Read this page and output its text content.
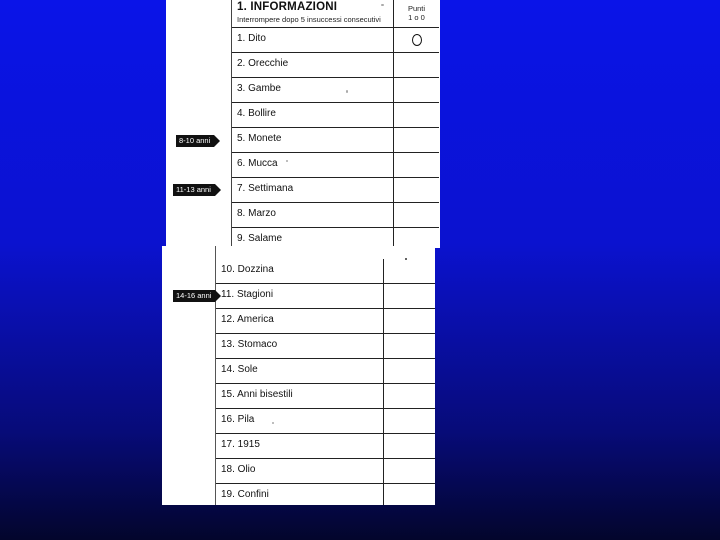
1. INFORMAZIONI
Interrompere dopo 5 insuccessi consecutivi
Punti
1 o 0
1. Dito
2. Orecchie
3. Gambe
4. Bollire
5. Monete
6. Mucca
7. Settimana
8. Marzo
9. Salame
10. Dozzina
11. Stagioni
12. America
13. Stomaco
14. Sole
15. Anni bisestili
16. Pila
17. 1915
18. Olio
19. Confini
8-10 anni
11-13 anni
14-16 anni
